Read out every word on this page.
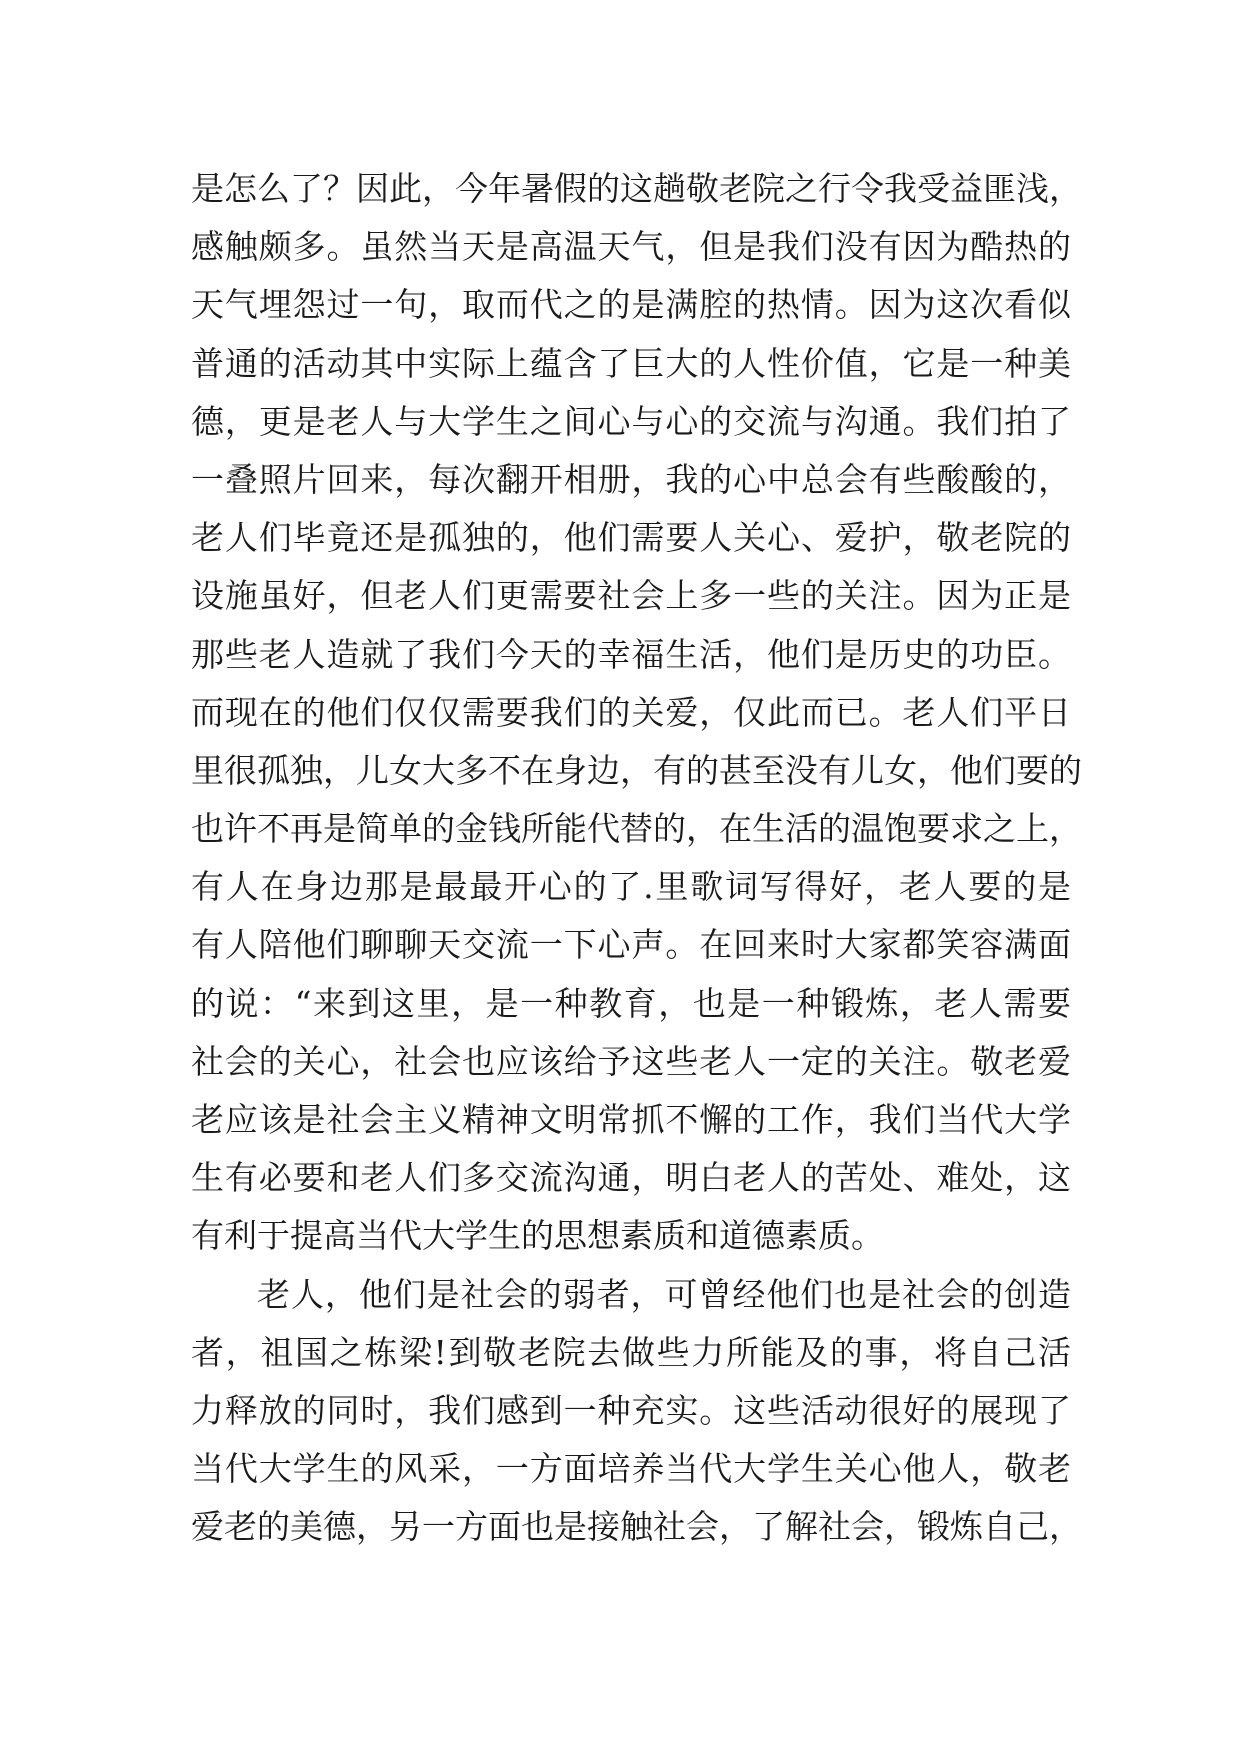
是怎么了？因此，今年暑假的这趟敬老院之行令我受益匪浅，
感触颇多。虽然当天是高温天气，但是我们没有因为酷热的
天气埋怨过一句，取而代之的是满腔的热情。因为这次看似
普通的活动其中实际上蕴含了巨大的人性价值，它是一种美
德，更是老人与大学生之间心与心的交流与沟通。我们拍了
一叠照片回来，每次翻开相册，我的心中总会有些酸酸的，
老人们毕竟还是孤独的，他们需要人关心、爱护，敬老院的
设施虽好，但老人们更需要社会上多一些的关注。因为正是
那些老人造就了我们今天的幸福生活，他们是历史的功臣。
而现在的他们仅仅需要我们的关爱，仅此而已。老人们平日
里很孤独，儿女大多不在身边，有的甚至没有儿女，他们要的
也许不再是简单的金钱所能代替的，在生活的温饱要求之上，
有人在身边那是最最开心的了.里歌词写得好，老人要的是
有人陪他们聊聊天交流一下心声。在回来时大家都笑容满面
的说：“来到这里，是一种教育，也是一种锻炼，老人需要
社会的关心，社会也应该给予这些老人一定的关注。敬老爱
老应该是社会主义精神文明常抓不懈的工作，我们当代大学
生有必要和老人们多交流沟通，明白老人的苦处、难处，这
有利于提高当代大学生的思想素质和道德素质。
老人，他们是社会的弱者，可曾经他们也是社会的创造
者，祖国之栋梁!到敬老院去做些力所能及的事，将自己活
力释放的同时，我们感到一种充实。这些活动很好的展现了
当代大学生的风采，一方面培养当代大学生关心他人，敬老
爱老的美德，另一方面也是接触社会，了解社会，锻炼自己，
